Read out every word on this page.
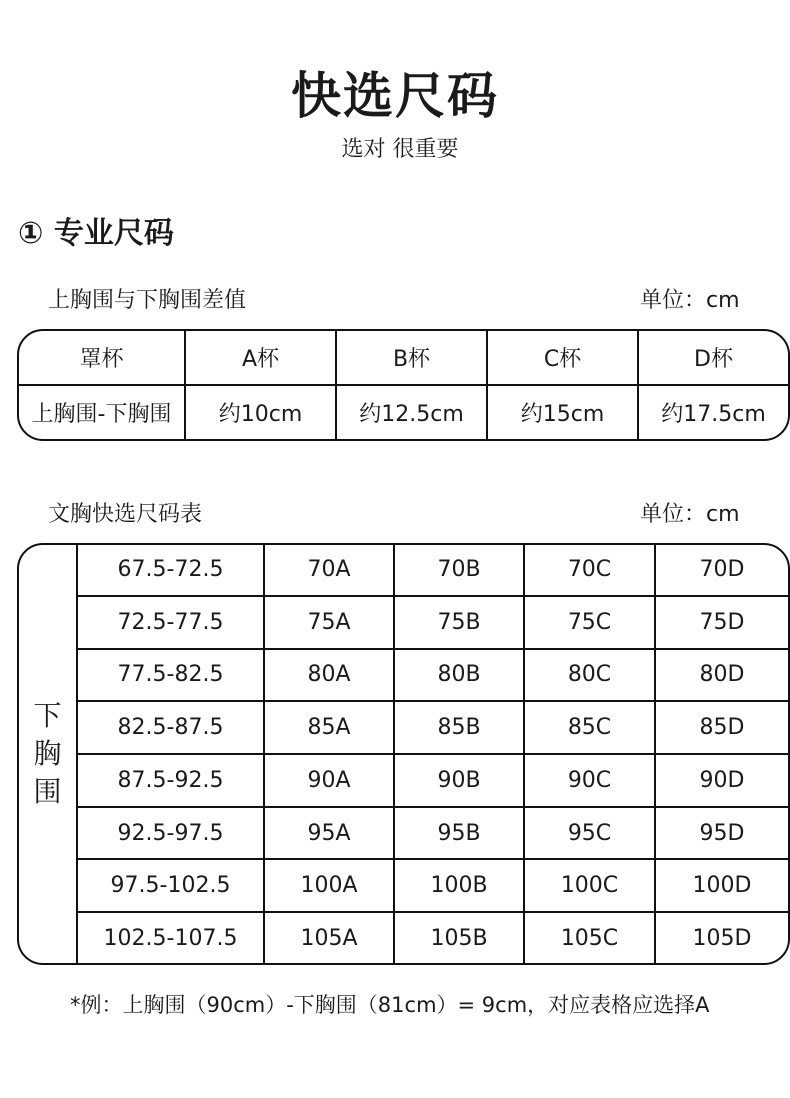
快选尺码
选对 很重要
① 专业尺码
上胸围与下胸围差值	单位：cm
罩杯	A杯	B杯	C杯	D杯
上胸围-下胸围	约10cm	约12.5cm	约15cm	约17.5cm
文胸快选尺码表	单位：cm
下胸围	67.5-72.5	70A	70B	70C	70D
	72.5-77.5	75A	75B	75C	75D
	77.5-82.5	80A	80B	80C	80D
	82.5-87.5	85A	85B	85C	85D
	87.5-92.5	90A	90B	90C	90D
	92.5-97.5	95A	95B	95C	95D
	97.5-102.5	100A	100B	100C	100D
	102.5-107.5	105A	105B	105C	105D
*例：上胸围（90cm）-下胸围（81cm）= 9cm，对应表格应选择A
